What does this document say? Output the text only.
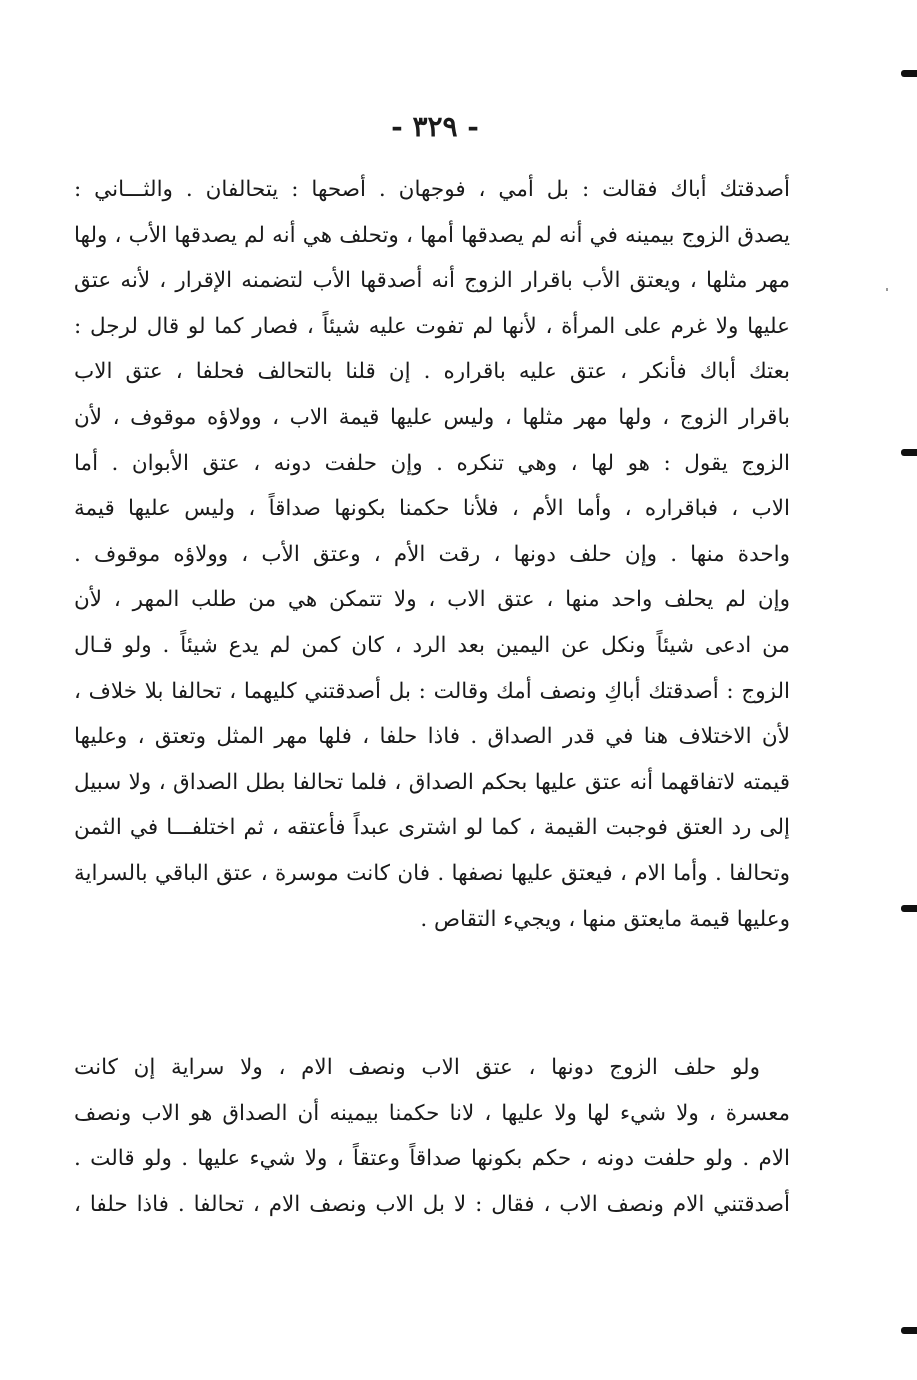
- ٣٢٩ -
أصدقتك أباك فقالت : بل أمي ، فوجهان . أصحها : يتحالفان . والثـــاني :
يصدق الزوج بيمينه في أنه لم يصدقها أمها ، وتحلف هي أنه لم يصدقها الأب ، ولها
مهر مثلها ، ويعتق الأب باقرار الزوج أنه أصدقها الأب لتضمنه الإقرار ، لأنه عتق
عليها ولا غرم على المرأة ، لأنها لم تفوت عليه شيئاً ، فصار كما لو قال لرجل :
بعتك أباك فأنكر ، عتق عليه باقراره . إن قلنا بالتحالف فحلفا ، عتق الاب
باقرار الزوج ، ولها مهر مثلها ، وليس عليها قيمة الاب ، وولاؤه موقوف ، لأن
الزوج يقول : هو لها ، وهي تنكره . وإن حلفت دونه ، عتق الأبوان . أما
الاب ، فباقراره ، وأما الأم ، فلأنا حكمنا بكونها صداقاً ، وليس عليها قيمة
واحدة منها . وإن حلف دونها ، رقت الأم ، وعتق الأب ، وولاؤه موقوف .
وإن لم يحلف واحد منها ، عتق الاب ، ولا تتمكن هي من طلب المهر ، لأن
من ادعى شيئاً ونكل عن اليمين بعد الرد ، كان كمن لم يدع شيئاً . ولو قـال
الزوج : أصدقتك أباكِ ونصف أمك وقالت : بل أصدقتني كليهما ، تحالفا بلا خلاف ،
لأن الاختلاف هنا في قدر الصداق . فاذا حلفا ، فلها مهر المثل وتعتق ، وعليها
قيمته لاتفاقهما أنه عتق عليها بحكم الصداق ، فلما تحالفا بطل الصداق ، ولا سبيل
إلى رد العتق فوجبت القيمة ، كما لو اشترى عبداً فأعتقه ، ثم اختلفـــا في الثمن
وتحالفا . وأما الام ، فيعتق عليها نصفها . فان كانت موسرة ، عتق الباقي بالسراية
وعليها قيمة مايعتق منها ، ويجيء التقاص .
ولو حلف الزوج دونها ، عتق الاب ونصف الام ، ولا سراية إن كانت
معسرة ، ولا شيء لها ولا عليها ، لانا حكمنا بيمينه أن الصداق هو الاب ونصف
الام . ولو حلفت دونه ، حكم بكونها صداقاً وعتقاً ، ولا شيء عليها . ولو قالت .
أصدقتني الام ونصف الاب ، فقال : لا بل الاب ونصف الام ، تحالفا . فاذا حلفا ،
